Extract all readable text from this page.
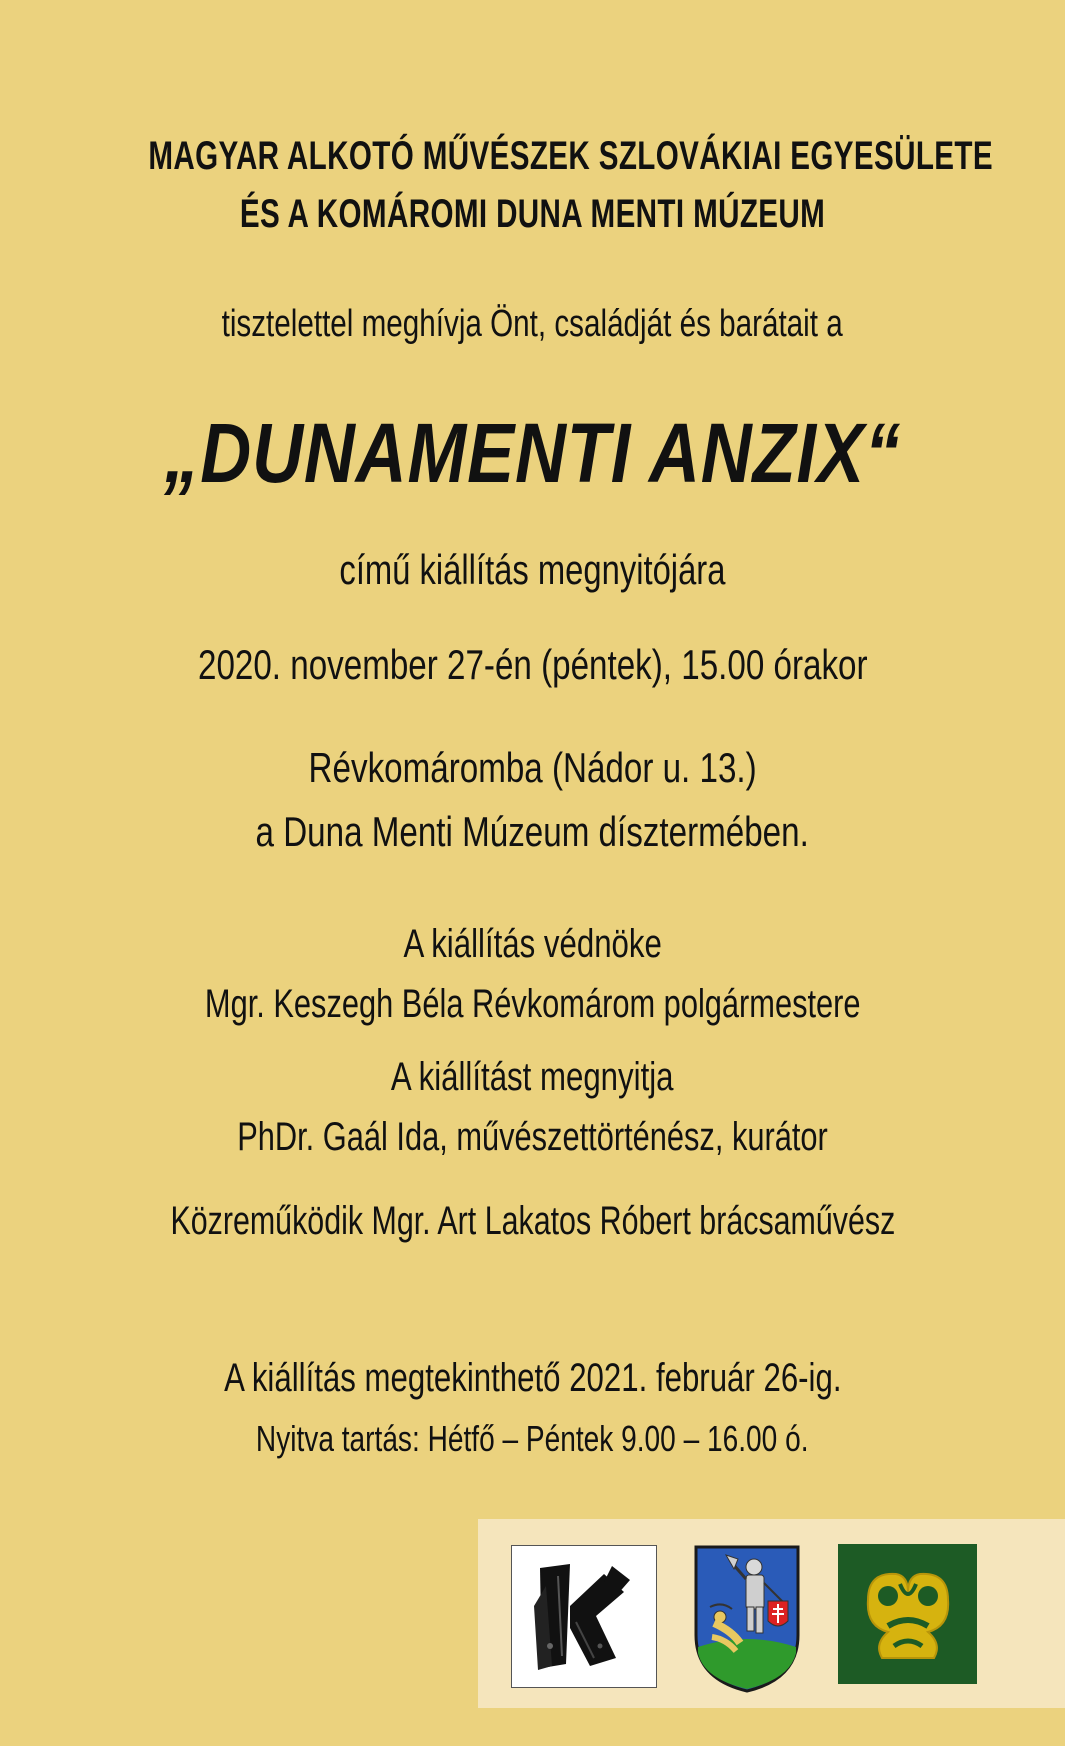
MAGYAR ALKOTÓ MŰVÉSZEK SZLOVÁKIAI EGYESÜLETE
ÉS A KOMÁROMI DUNA MENTI MÚZEUM
tisztelettel meghívja Önt, családját és barátait a
„DUNAMENTI ANZIX“
című kiállítás megnyitójára
2020. november 27-én (péntek), 15.00 órakor
Révkomáromba (Nádor u. 13.)
a Duna Menti Múzeum dísztermében.
A kiállítás védnöke
Mgr. Keszegh Béla Révkomárom polgármestere
A kiállítást megnyitja
PhDr. Gaál Ida, művészettörténész, kurátor
Közreműködik Mgr. Art Lakatos Róbert brácsaművész
A kiállítás megtekinthető 2021. február 26-ig.
Nyitva tartás: Hétfő – Péntek 9.00 – 16.00 ó.
